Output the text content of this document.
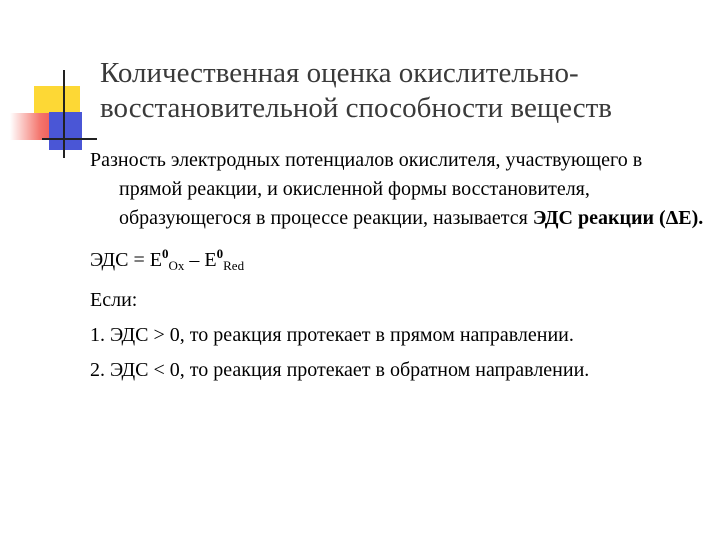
Количественная оценка окислительно-
восстановительной способности веществ

Разность электродных потенциалов окислителя, участвующего в прямой реакции, и окисленной формы восстановителя, образующегося в процессе реакции, называется ЭДС реакции (ΔЕ).

ЭДС = $Е^0_{Ox} - Е^0_{Red}$

Если:

1. ЭДС > 0, то реакция протекает в прямом направлении.

2. ЭДС < 0, то реакция протекает в обратном направлении.
